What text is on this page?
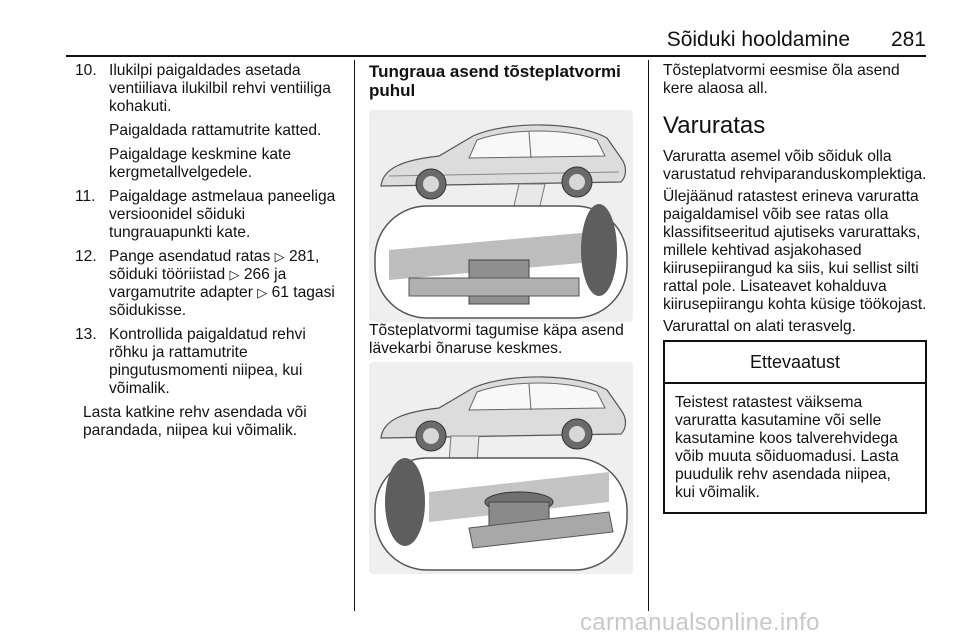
Sõiduki hooldamine	281
10. Ilukilpi paigaldades asetada ventiiliava ilukilbil rehvi ventiiliga kohakuti.
Paigaldada rattamutrite katted.
Paigaldage keskmine kate kergmetallvelgedele.
11. Paigaldage astmelaua paneeliga versioonidel sõiduki tungrauapunkti kate.
12. Pange asendatud ratas ▷ 281, sõiduki tööriistad ▷ 266 ja vargamutrite adapter ▷ 61 tagasi sõidukisse.
13. Kontrollida paigaldatud rehvi rõhku ja rattamutrite pingutusmomenti niipea, kui võimalik.

Lasta katkine rehv asendada või parandada, niipea kui võimalik.

Tungraua asend tõsteplatvormi puhul

Tõsteplatvormi tagumise käpa asend lävekarbi õnaruse keskmes.

Tõsteplatvormi eesmise õla asend kere alaosa all.

Varuratas

Varuratta asemel võib sõiduk olla varustatud rehviparanduskomplektiga.

Ülejäänud ratastest erineva varuratta paigaldamisel võib see ratas olla klassifitseeritud ajutiseks varurattaks, millele kehtivad asjakohased kiirusepiirangud ka siis, kui sellist silti rattal pole. Lisateavet kohalduva kiirusepiirangu kohta küsige töökojast.

Varurattal on alati terasvelg.

Ettevaatust
Teistest ratastest väiksema varuratta kasutamine või selle kasutamine koos talverehvidega võib muuta sõiduomadusi. Lasta puudulik rehv asendada niipea, kui võimalik.
carmanualsonline.info
